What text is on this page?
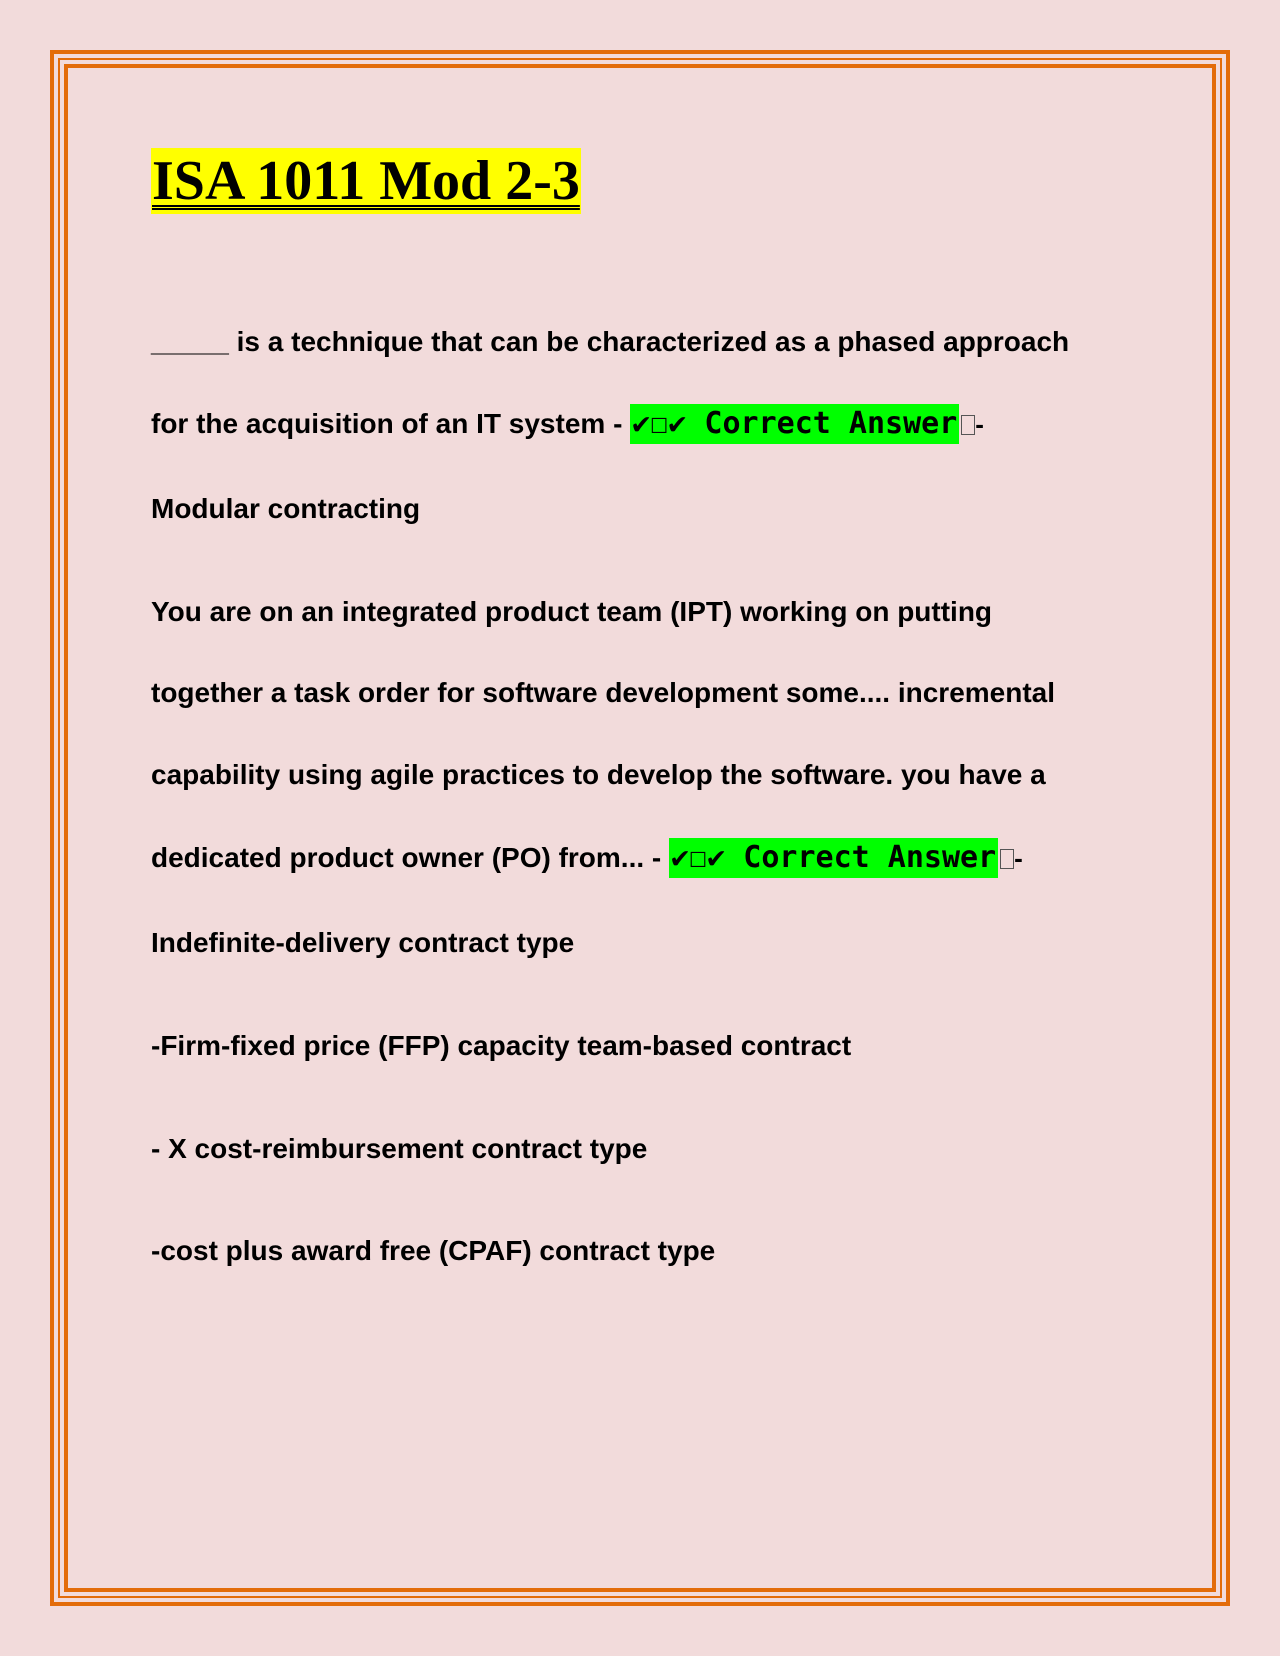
ISA 1011 Mod 2-3
_____ is a technique that can be characterized as a phased approach
for the acquisition of an IT system - ✔☐✔ Correct Answer -
Modular contracting
You are on an integrated product team (IPT) working on putting
together a task order for software development some.... incremental
capability using agile practices to develop the software. you have a
dedicated product owner (PO) from... - ✔☐✔ Correct Answer -
Indefinite-delivery contract type
-Firm-fixed price (FFP) capacity team-based contract
- X cost-reimbursement contract type
-cost plus award free (CPAF) contract type
